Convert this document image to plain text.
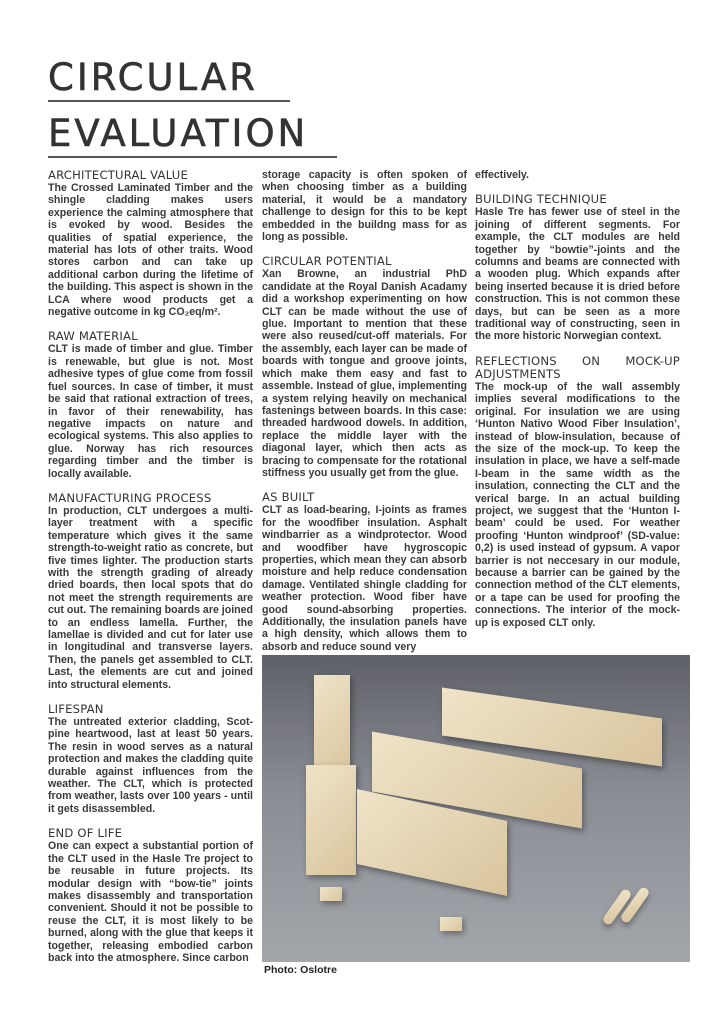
CIRCULAR
EVALUATION
ARCHITECTURAL VALUE

The Crossed Laminated Timber and the shingle cladding makes users experience the calming atmosphere that is evoked by wood. Besides the qualities of spatial experience, the material has lots of other traits. Wood stores carbon and can take up additional carbon during the lifetime of the building. This aspect is shown in the LCA where wood products get a negative outcome in kg CO₂eq/m².

RAW MATERIAL

CLT is made of timber and glue. Timber is renewable, but glue is not. Most adhesive types of glue come from fossil fuel sources. In case of timber, it must be said that rational extraction of trees, in favor of their renewability, has negative impacts on nature and ecological systems. This also applies to glue. Norway has rich resources regarding timber and the timber is locally available.

MANUFACTURING PROCESS

In production, CLT undergoes a multi-layer treatment with a specific temperature which gives it the same strength-to-weight ratio as concrete, but five times lighter. The production starts with the strength grading of already dried boards, then local spots that do not meet the strength requirements are cut out. The remaining boards are joined to an endless lamella. Further, the lamellae is divided and cut for later use in longitudinal and transverse layers. Then, the panels get assembled to CLT. Last, the elements are cut and joined into structural elements.

LIFESPAN

The untreated exterior cladding, Scot-pine heartwood, last at least 50 years. The resin in wood serves as a natural protection and makes the cladding quite durable against influences from the weather. The CLT, which is protected from weather, lasts over 100 years - until it gets disassembled.

END OF LIFE

One can expect a substantial portion of the CLT used in the Hasle Tre project to be reusable in future projects. Its modular design with “bow-tie” joints makes disassembly and transportation convenient. Should it not be possible to reuse the CLT, it is most likely to be burned, along with the glue that keeps it together, releasing embodied carbon back into the atmosphere. Since carbon

storage capacity is often spoken of when choosing timber as a building material, it would be a mandatory challenge to design for this to be kept embedded in the buildng mass for as long as possible.

CIRCULAR POTENTIAL

Xan Browne, an industrial PhD candidate at the Royal Danish Acadamy did a workshop experimenting on how CLT can be made without the use of glue. Important to mention that these were also reused/cut-off materials. For the assembly, each layer can be made of boards with tongue and groove joints, which make them easy and fast to assemble. Instead of glue, implementing a system relying heavily on mechanical fastenings between boards. In this case: threaded hardwood dowels. In addition, replace the middle layer with the diagonal layer, which then acts as bracing to compensate for the rotational stiffness you usually get from the glue.

AS BUILT

CLT as load-bearing, I-joints as frames for the woodfiber insulation. Asphalt windbarrier as a windprotector. Wood and woodfiber have hygroscopic properties, which mean they can absorb moisture and help reduce condensation damage. Ventilated shingle cladding for weather protection. Wood fiber have good sound-absorbing properties. Additionally, the insulation panels have a high density, which allows them to absorb and reduce sound very

effectively.

BUILDING TECHNIQUE

Hasle Tre has fewer use of steel in the joining of different segments. For example, the CLT modules are held together by “bowtie”-joints and the columns and beams are connected with a wooden plug. Which expands after being inserted because it is dried before construction. This is not common these days, but can be seen as a more traditional way of constructing, seen in the more historic Norwegian context.

REFLECTIONS ON MOCK-UP ADJUSTMENTS

The mock-up of the wall assembly implies several modifications to the original. For insulation we are using ‘Hunton Nativo Wood Fiber Insulation’, instead of blow-insulation, because of the size of the mock-up. To keep the insulation in place, we have a self-made I-beam in the same width as the insulation, connecting the CLT and the verical barge. In an actual building project, we suggest that the ‘Hunton I-beam’ could be used. For weather proofing ‘Hunton windproof’ (SD-value: 0,2) is used instead of gypsum. A vapor barrier is not neccesary in our module, because a barrier can be gained by the connection method of the CLT elements, or a tape can be used for proofing the connections. The interior of the mock-up is exposed CLT only.

Photo: Oslotre
